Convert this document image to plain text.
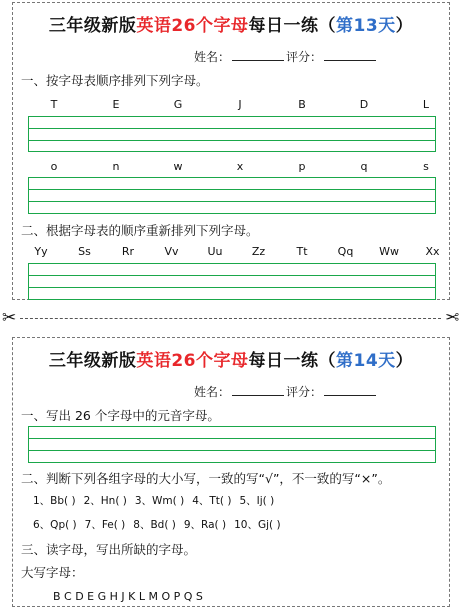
三年级新版英语26个字母每日一练（第13天）
姓名：	评分：
一、按字母表顺序排列下列字母。
T	E	G	J	B	D	L
o	n	w	x	p	q	s
二、根据字母表的顺序重新排列下列字母。
Yy	Ss	Rr	Vv	Uu	Zz	Tt	Qq Ww Xx
✂	✂
三年级新版英语26个字母每日一练（第14天）
姓名：	评分：
一、写出 26 个字母中的元音字母。
二、判断下列各组字母的大小写，一致的写“√”，不一致的写“×”。
1、Bb( ) 2、Hn( ) 3、Wm( ) 4、Tt( ) 5、Ij( )
6、Qp( ) 7、Fe( ) 8、Bd( ) 9、Ra( ) 10、Gj( )
三、读字母，写出所缺的字母。
大写字母：
B C D E G H J K L M O P Q S
